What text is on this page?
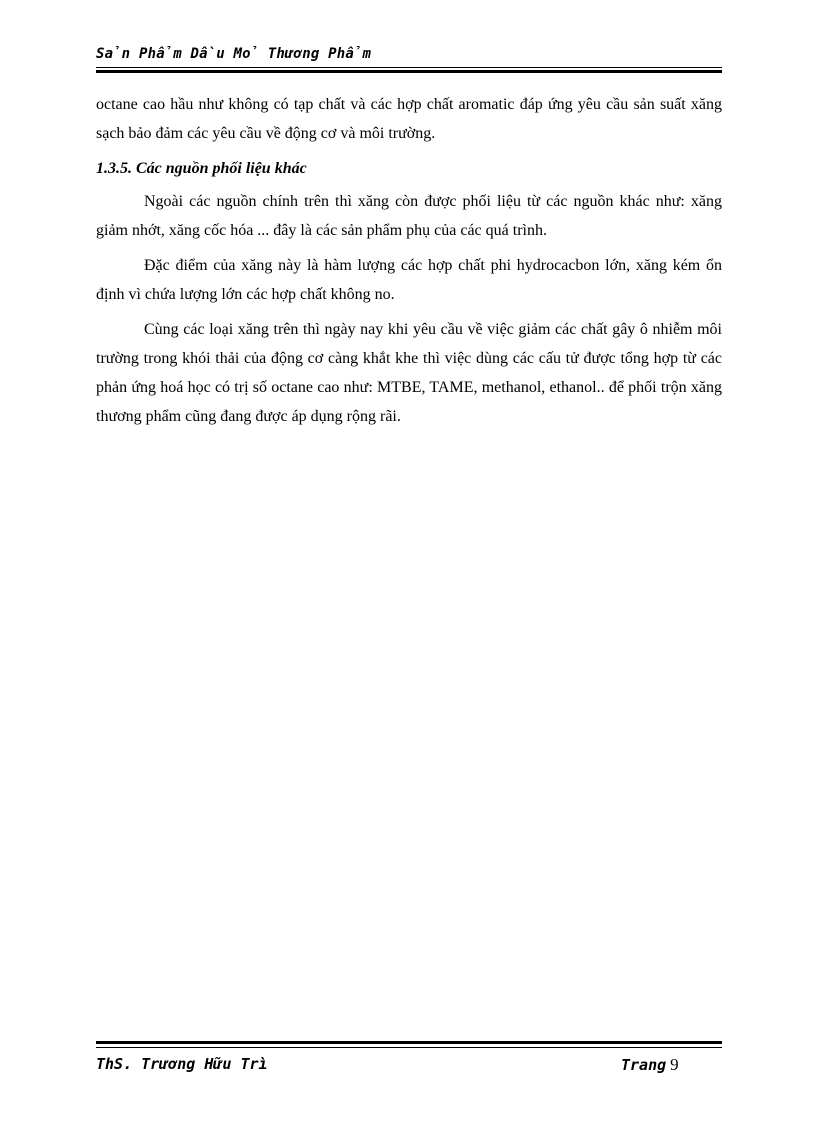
Sản Phẩm Dầu Mỏ Thương Phẩm

octane cao hầu như không có tạp chất và các hợp chất aromatic đáp ứng yêu cầu sản suất xăng sạch bảo đảm các yêu cầu về động cơ và môi trường.

1.3.5. Các nguồn phối liệu khác

Ngoài các nguồn chính trên thì xăng còn được phối liệu từ các nguồn khác như: xăng giảm nhớt, xăng cốc hóa ... đây là các sản phẩm phụ của các quá trình.

Đặc điểm của xăng này là hàm lượng các hợp chất phi hydrocacbon lớn, xăng kém ổn định vì chứa lượng lớn các hợp chất không no.

Cùng các loại xăng trên thì ngày nay khi yêu cầu về việc giảm các chất gây ô nhiễm môi trường trong khói thải của động cơ càng khắt khe thì việc dùng các cấu tử được tổng hợp từ các phản ứng hoá học có trị số octane cao như: MTBE, TAME, methanol, ethanol.. để phối trộn xăng thương phẩm cũng đang được áp dụng rộng rãi.

ThS. Trương Hữu Trì	Trang 9
